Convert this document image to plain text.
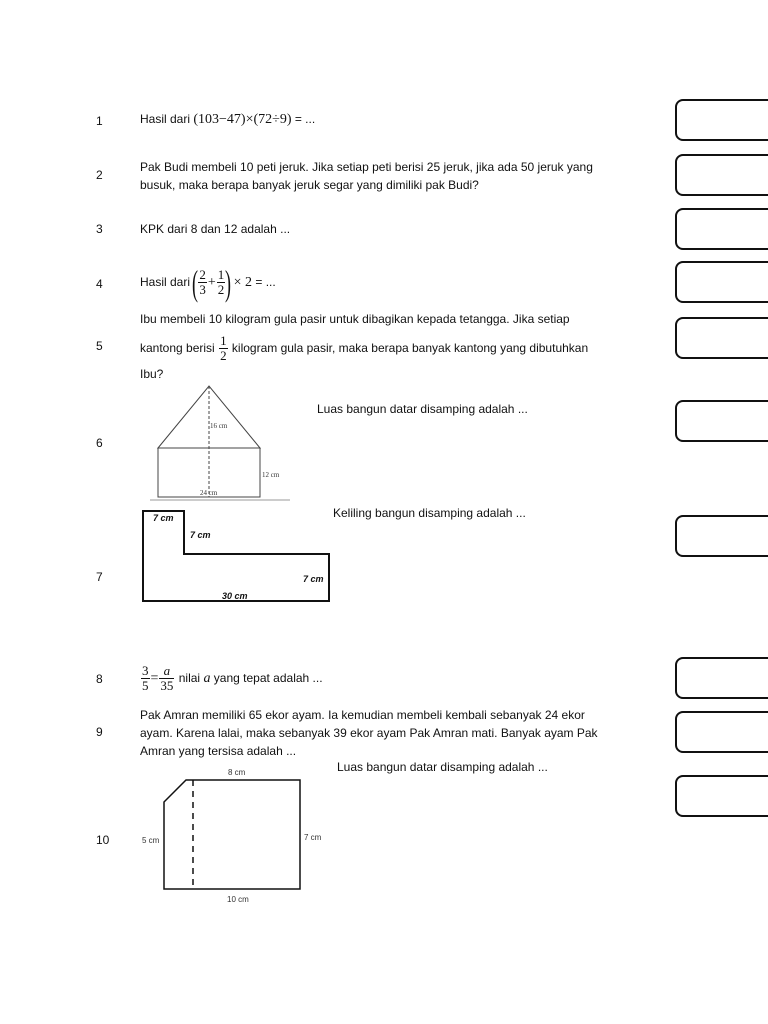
1
2
3
4
5
6
7
8
9
10
Hasil dari (103−47)×(72÷9) = ...
Pak Budi membeli 10 peti jeruk. Jika setiap peti berisi 25 jeruk, jika ada 50 jeruk yang
busuk, maka berapa banyak jeruk segar yang dimiliki pak Budi?
KPK dari 8 dan 12 adalah ...
Hasil dari ( $\frac{2}{3} + \frac{1}{2}$ ) × 2 = ...
Ibu membeli 10 kilogram gula pasir untuk dibagikan kepada tetangga. Jika setiap
kantong berisi $\frac{1}{2}$ kilogram gula pasir, maka berapa banyak kantong yang dibutuhkan
Ibu?
Luas bangun datar disamping adalah ...
16 cm
12 cm
24 cm
Keliling bangun disamping adalah ...
7 cm
7 cm
7 cm
30 cm
$\frac{3}{5} = \frac{a}{35}$ nilai a yang tepat adalah ...
Pak Amran memiliki 65 ekor ayam. Ia kemudian membeli kembali sebanyak 24 ekor
ayam. Karena lalai, maka sebanyak 39 ekor ayam Pak Amran mati. Banyak ayam Pak
Amran yang tersisa adalah ...
Luas bangun datar disamping adalah ...
8 cm
5 cm	7 cm
10 cm
